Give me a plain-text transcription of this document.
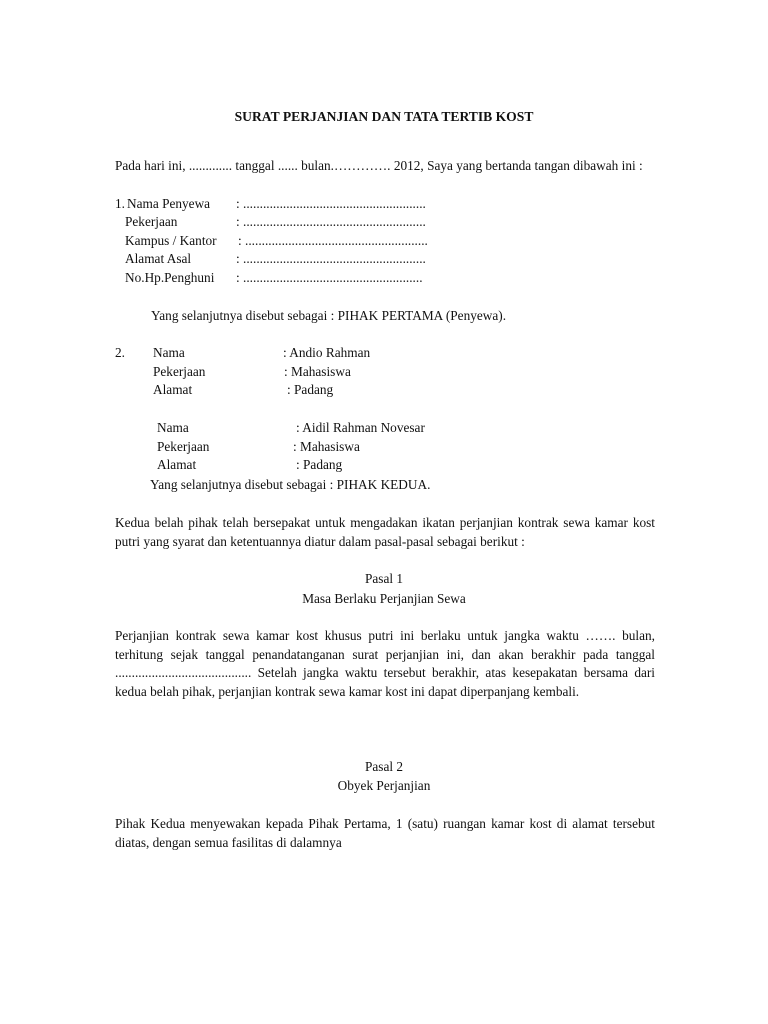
SURAT PERJANJIAN DAN TATA TERTIB KOST
Pada hari ini, ............. tanggal ...... bulan.…………. 2012, Saya yang bertanda tangan dibawah ini :
1. Nama Penyewa : .......................................................
Pekerjaan	: .......................................................
Kampus / Kantor : .......................................................
Alamat Asal	: .......................................................
No.Hp.Penghuni : ......................................................
Yang selanjutnya disebut sebagai : PIHAK PERTAMA (Penyewa).
2. Nama	: Andio Rahman
Pekerjaan	: Mahasiswa
Alamat	: Padang
Nama	: Aidil Rahman Novesar
Pekerjaan	: Mahasiswa
Alamat	: Padang
Yang selanjutnya disebut sebagai : PIHAK KEDUA.
Kedua belah pihak telah bersepakat untuk mengadakan ikatan perjanjian kontrak sewa kamar kost
putri yang syarat dan ketentuannya diatur dalam pasal-pasal sebagai berikut :
Pasal 1
Masa Berlaku Perjanjian Sewa
Perjanjian kontrak sewa kamar kost khusus putri ini berlaku untuk jangka waktu ……. bulan,
terhitung sejak tanggal penandatanganan surat perjanjian ini, dan akan berakhir pada tanggal
......................................... Setelah jangka waktu tersebut berakhir, atas kesepakatan bersama dari
kedua belah pihak, perjanjian kontrak sewa kamar kost ini dapat diperpanjang kembali.
Pasal 2
Obyek Perjanjian
Pihak Kedua menyewakan kepada Pihak Pertama, 1 (satu) ruangan kamar kost di alamat tersebut
diatas, dengan semua fasilitas di dalamnya
